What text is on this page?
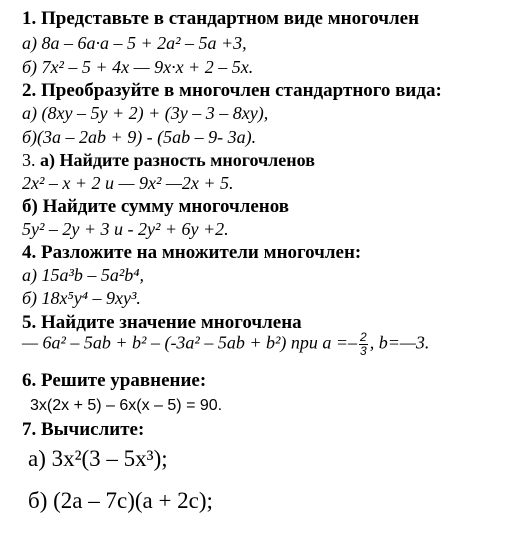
1. Представьте в стандартном виде многочлен
а) 8a – 6a·a – 5 + 2a² – 5a +3,
б) 7x² – 5 + 4x — 9x·x + 2 – 5x.
2. Преобразуйте в многочлен стандартного вида:
а) (8xy – 5y + 2) + (3y – 3 – 8xy),
б)(3a – 2ab + 9) - (5ab – 9- 3a).
3. а) Найдите разность многочленов
2x² – x + 2 и — 9x² —2x + 5.
б) Найдите сумму многочленов
5y² – 2y + 3 и - 2y² + 6y +2.
4. Разложите на множители многочлен:
а) 15a³b – 5a²b⁴,
б) 18x⁵y⁴ – 9xy³.
5. Найдите значение многочлена
— 6a² – 5ab + b² – (-3a² – 5ab + b²) при $a =- \frac{2}{3}$ , b=—3.
6. Решите уравнение:
3x(2x + 5) – 6x(x – 5) = 90.
7. Вычислите:
а) 3x²(3 – 5x³);
б) (2a – 7c)(a + 2c);
